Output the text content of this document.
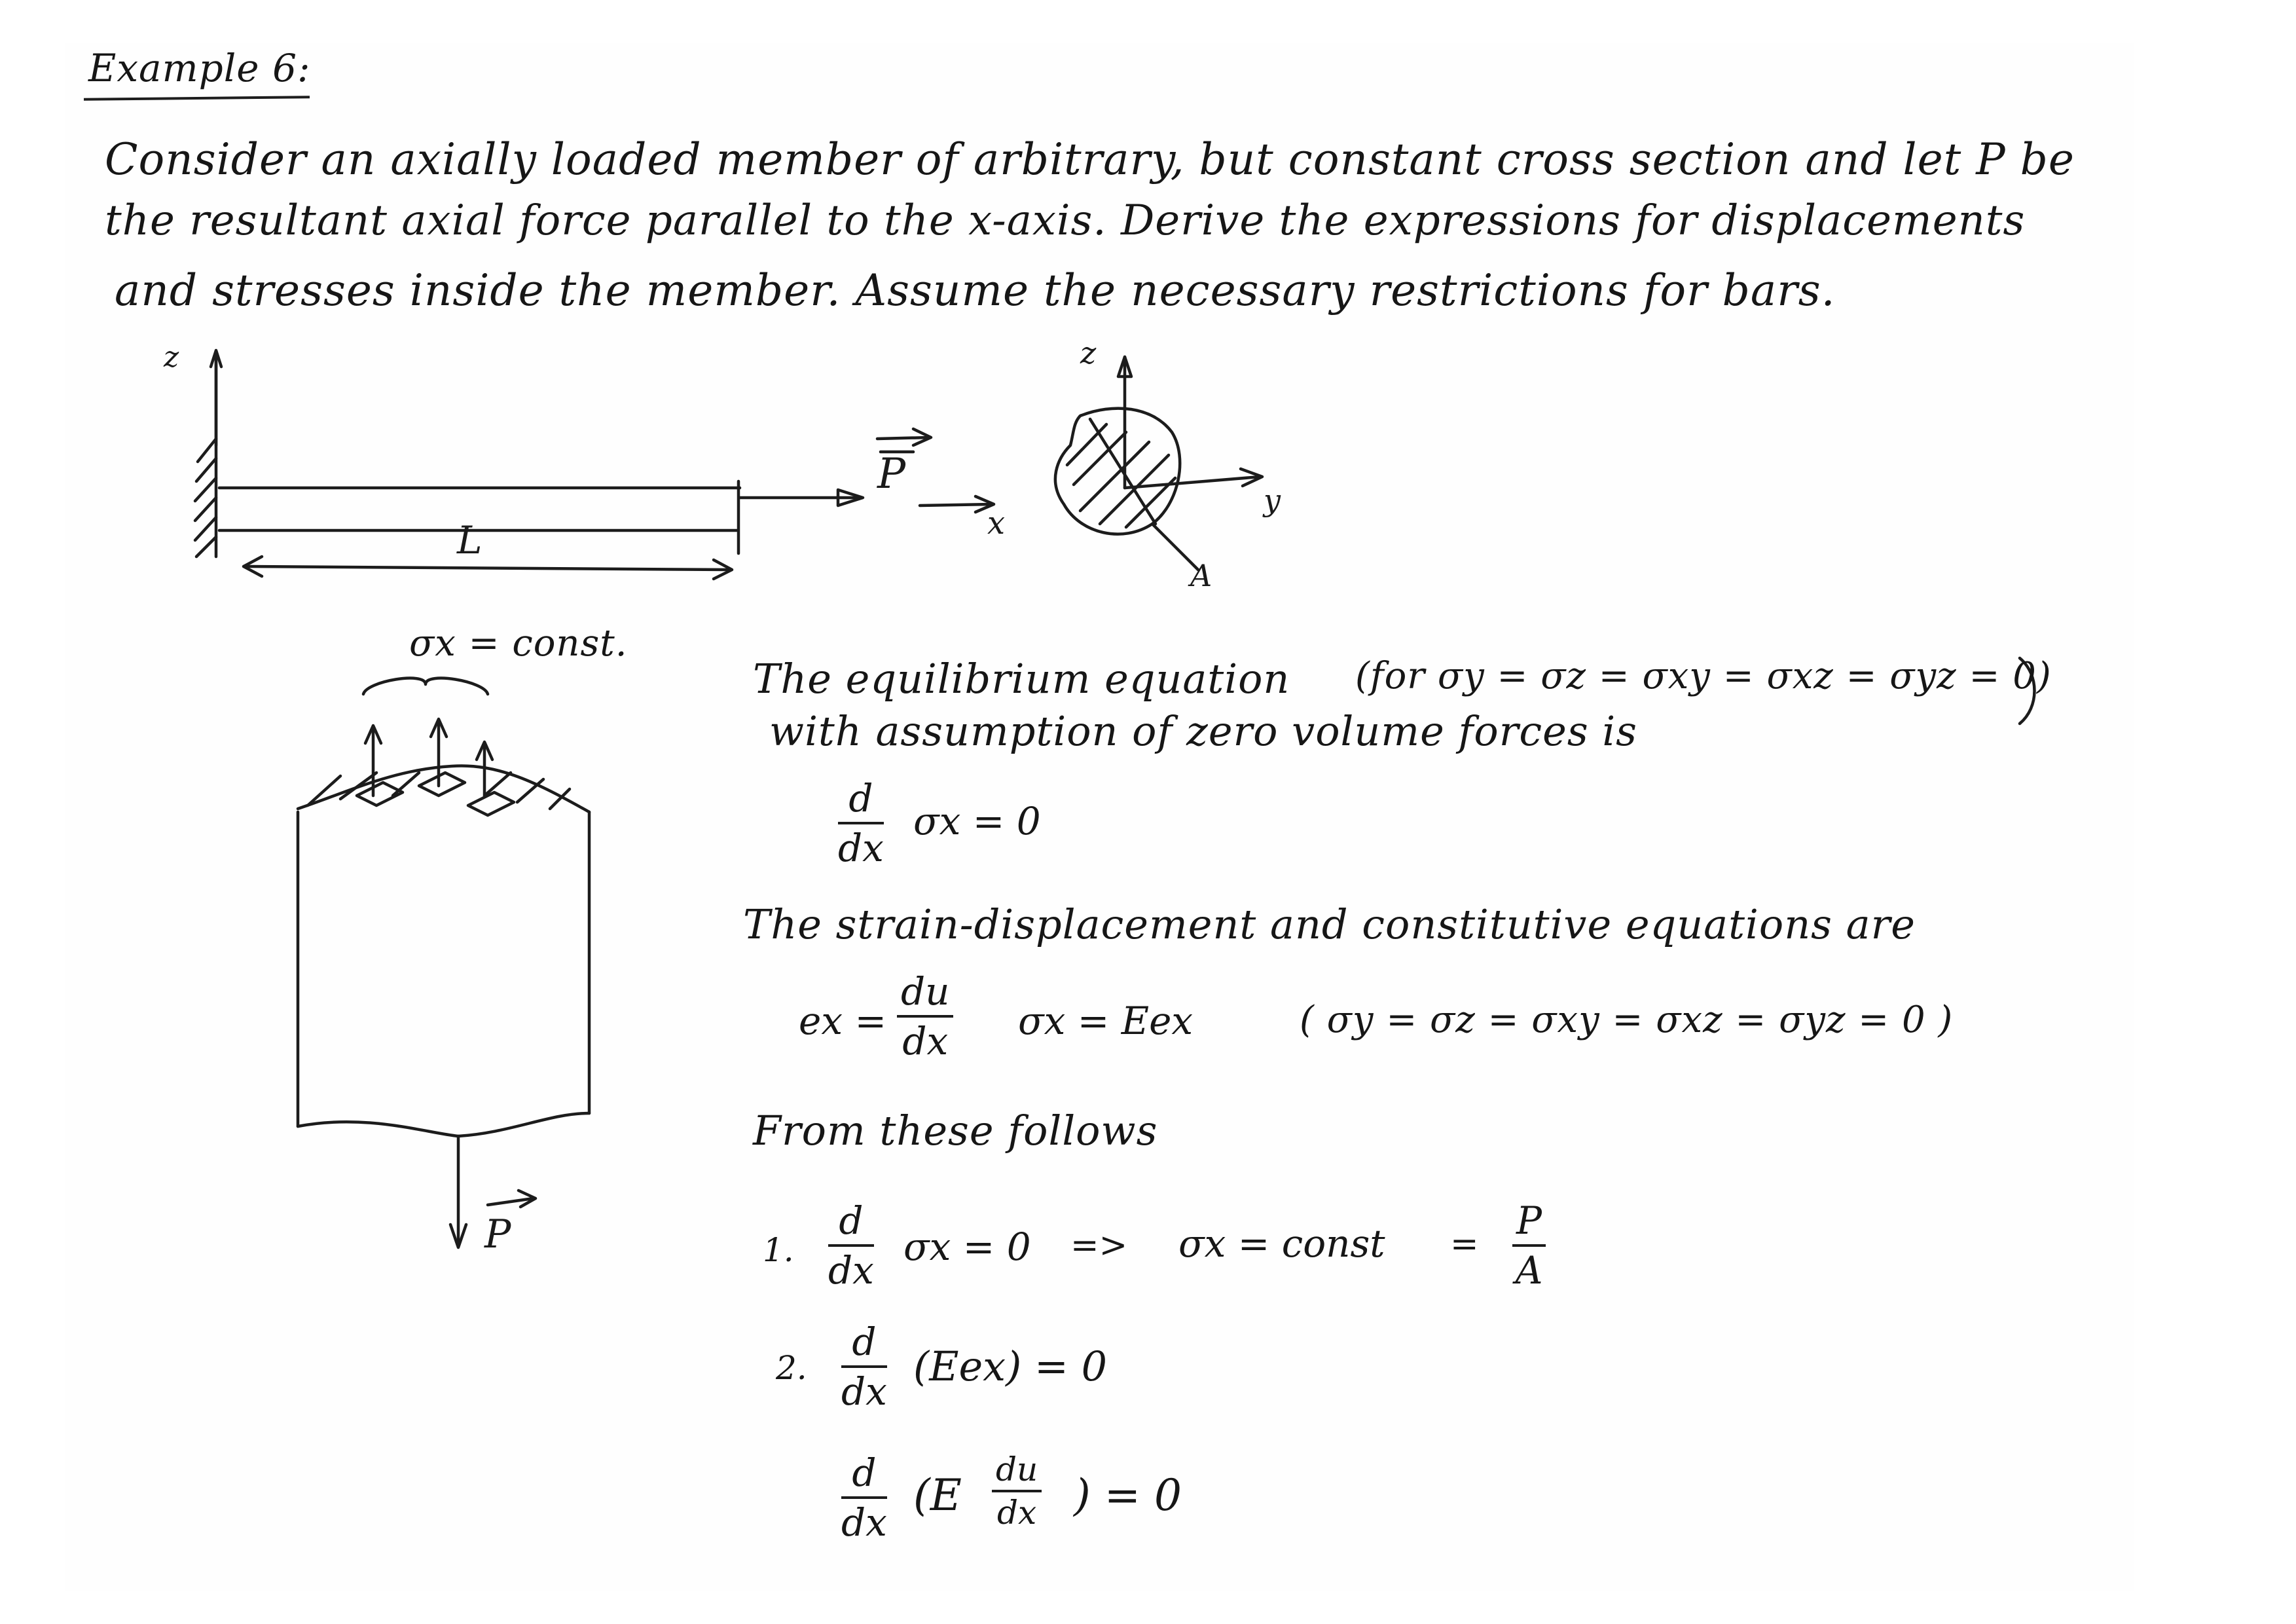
Example 6:
Consider an axially loaded member of arbitrary, but constant cross section and let P be
the resultant axial force parallel to the x-axis. Derive the expressions for displacements
and stresses inside the member. Assume the necessary restrictions for bars.
z
L
P
x
z
y
A
P
σx = const.
The equilibrium equation (for σy = σz = σxy = σxz = σyz = 0)
with assumption of zero volume forces is
$\frac{d}{dx}$ σx = 0
The strain-displacement and constitutive equations are
ex = $\frac{du}{dx}$ σx = Eex	( σy = σz = σxy = σxz = σyz = 0 )
From these follows
1. $\frac{d}{dx}$ σx = 0 => σx = const = $\frac{P}{A}$
2. $\frac{d}{dx} (Eex) = 0$
$\frac{d}{dx} (E \frac{du}{dx}$ ) = 0
